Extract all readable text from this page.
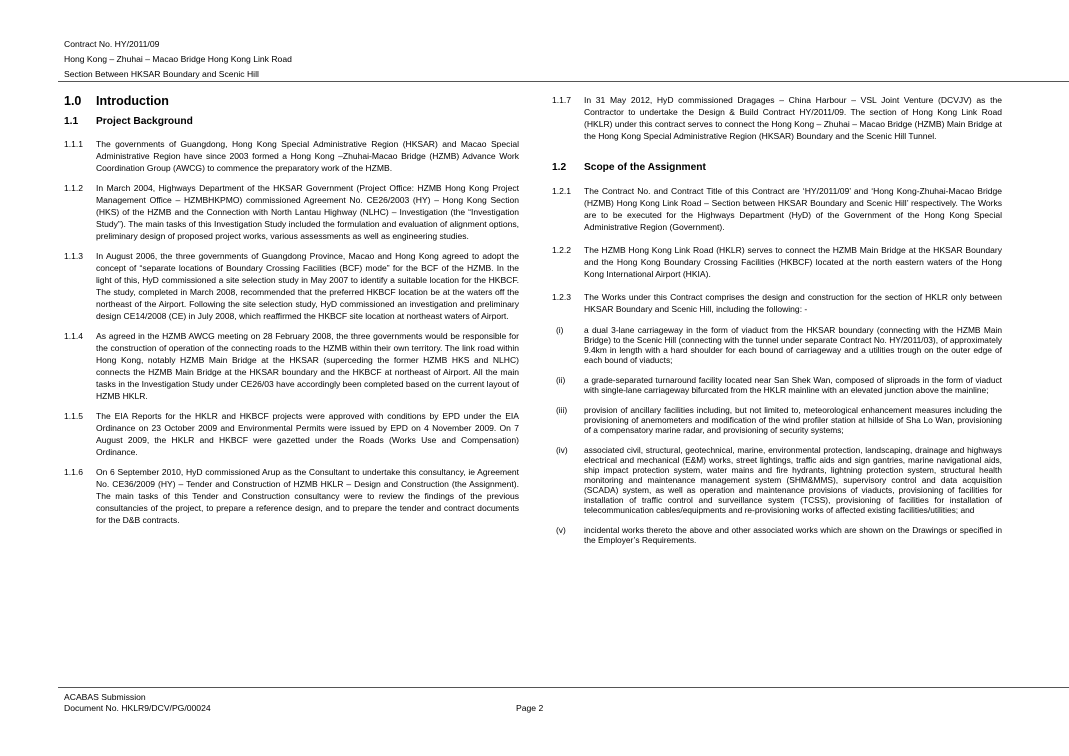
Contract No. HY/2011/09
Hong Kong – Zhuhai – Macao Bridge Hong Kong Link Road
Section Between HKSAR Boundary and Scenic Hill
1.0	Introduction
1.1	Project Background
1.1.1	The governments of Guangdong, Hong Kong Special Administrative Region (HKSAR) and Macao Special Administrative Region have since 2003 formed a Hong Kong –Zhuhai-Macao Bridge (HZMB) Advance Work Coordination Group (AWCG) to commence the preparatory work of the HZMB.
1.1.2	In March 2004, Highways Department of the HKSAR Government (Project Office: HZMB Hong Kong Project Management Office – HZMBHKPMO) commissioned Agreement No. CE26/2003 (HY) – Hong Kong Section (HKS) of the HZMB and the Connection with North Lantau Highway (NLHC) – Investigation (the “Investigation Study”). The main tasks of this Investigation Study included the formulation and evaluation of alignment options, preliminary design of proposed project works, various assessments as well as engineering studies.
1.1.3	In August 2006, the three governments of Guangdong Province, Macao and Hong Kong agreed to adopt the concept of “separate locations of Boundary Crossing Facilities (BCF) mode” for the BCF of the HZMB. In the light of this, HyD commissioned a site selection study in May 2007 to identify a suitable location for the HKBCF. The study, completed in March 2008, recommended that the preferred HKBCF location be at the waters off the northeast of the Airport. Following the site selection study, HyD commissioned an investigation and preliminary design CE14/2008 (CE) in July 2008, which reaffirmed the HKBCF site location at northeast waters of Airport.
1.1.4	As agreed in the HZMB AWCG meeting on 28 February 2008, the three governments would be responsible for the construction of operation of the connecting roads to the HZMB within their own territory. The link road within Hong Kong, notably HZMB Main Bridge at the HKSAR (superceding the former HZMB HKS and NLHC) connects the HZMB Main Bridge at the HKSAR boundary and the HKBCF at northeast of Airport. All the main tasks in the Investigation Study under CE26/03 have accordingly been completed based on the current layout of HZMB HKLR.
1.1.5	The EIA Reports for the HKLR and HKBCF projects were approved with conditions by EPD under the EIA Ordinance on 23 October 2009 and Environmental Permits were issued by EPD on 4 November 2009. On 7 August 2009, the HKLR and HKBCF were gazetted under the Roads (Works Use and Compensation) Ordinance.
1.1.6	On 6 September 2010, HyD commissioned Arup as the Consultant to undertake this consultancy, ie Agreement No. CE36/2009 (HY) – Tender and Construction of HZMB HKLR – Design and Construction (the Assignment). The main tasks of this Tender and Construction consultancy were to review the findings of the previous consultancies of the project, to prepare a reference design, and to prepare the tender and contract documents for the D&B contracts.
1.1.7	In 31 May 2012, HyD commissioned Dragages – China Harbour – VSL Joint Venture (DCVJV) as the Contractor to undertake the Design & Build Contract HY/2011/09. The section of Hong Kong Link Road (HKLR) under this contract serves to connect the Hong Kong – Zhuhai – Macao Bridge (HZMB) Main Bridge at the Hong Kong Special Administrative Region (HKSAR) Boundary and the Scenic Hill Tunnel.
1.2	Scope of the Assignment
1.2.1	The Contract No. and Contract Title of this Contract are ‘HY/2011/09’ and ‘Hong Kong-Zhuhai-Macao Bridge (HZMB) Hong Kong Link Road – Section between HKSAR Boundary and Scenic Hill’ respectively. The Works are to be executed for the Highways Department (HyD) of the Government of the Hong Kong Special Administrative Region (Government).
1.2.2	The HZMB Hong Kong Link Road (HKLR) serves to connect the HZMB Main Bridge at the HKSAR Boundary and the Hong Kong Boundary Crossing Facilities (HKBCF) located at the north eastern waters of the Hong Kong International Airport (HKIA).
1.2.3	The Works under this Contract comprises the design and construction for the section of HKLR only between HKSAR Boundary and Scenic Hill, including the following: -
(i)	a dual 3-lane carriageway in the form of viaduct from the HKSAR boundary (connecting with the HZMB Main Bridge) to the Scenic Hill (connecting with the tunnel under separate Contract No. HY/2011/03), of approximately 9.4km in length with a hard shoulder for each bound of carriageway and a utilities trough on the outer edge of each bound of viaducts;
(ii)	a grade-separated turnaround facility located near San Shek Wan, composed of sliproads in the form of viaduct with single-lane carriageway bifurcated from the HKLR mainline with an elevated junction above the mainline;
(iii)	provision of ancillary facilities including, but not limited to, meteorological enhancement measures including the provisioning of anemometers and modification of the wind profiler station at hillside of Sha Lo Wan, provisioning of a compensatory marine radar, and provisioning of security systems;
(iv)	associated civil, structural, geotechnical, marine, environmental protection, landscaping, drainage and highways electrical and mechanical (E&M) works, street lightings, traffic aids and sign gantries, marine navigational aids, ship impact protection system, water mains and fire hydrants, lightning protection system, structural health monitoring and maintenance management system (SHM&MMS), supervisory control and data acquisition (SCADA) system, as well as operation and maintenance provisions of viaducts, provisioning of facilities for installation of traffic control and surveillance system (TCSS), provisioning of facilities for installation of telecommunication cables/equipments and re-provisioning works of affected existing facilities/utilities; and
(v)	incidental works thereto the above and other associated works which are shown on the Drawings or specified in the Employer’s Requirements.
ACABAS Submission
Document No. HKLR9/DCV/PG/00024	Page 2
